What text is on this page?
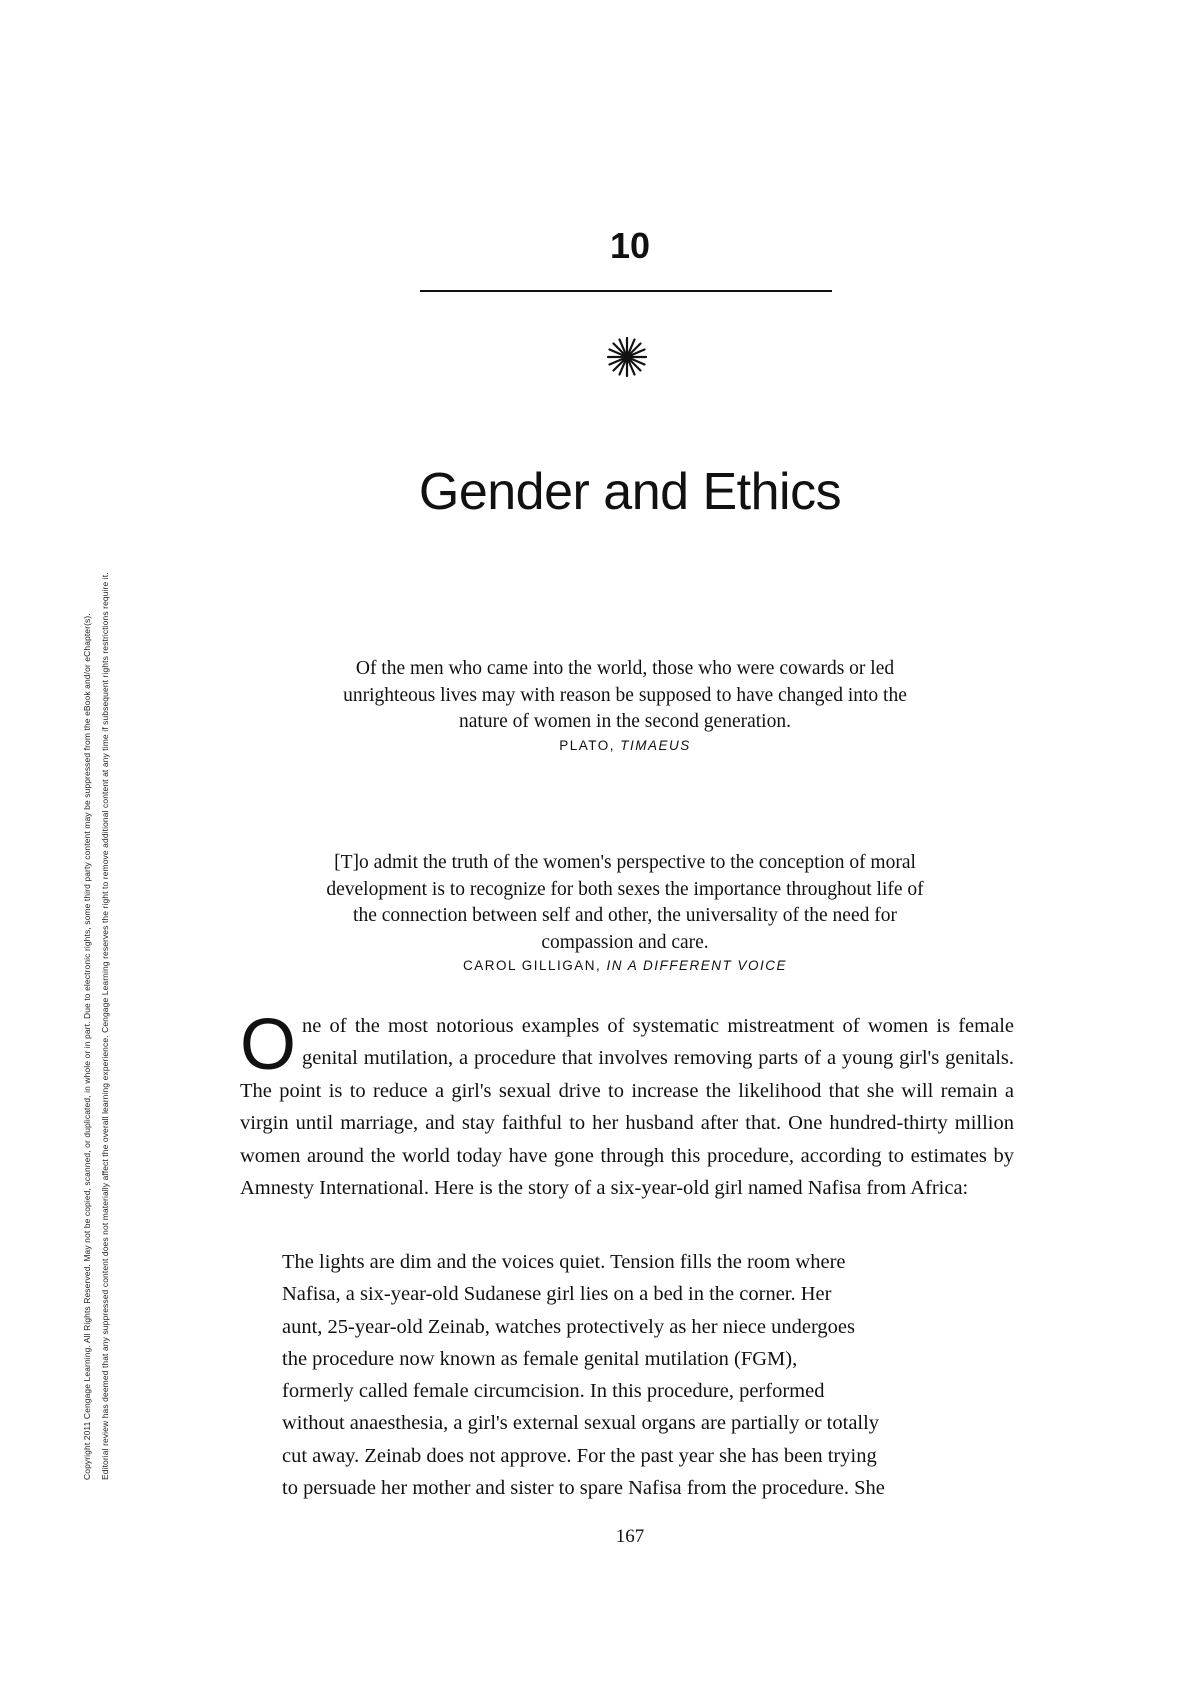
Copyright 2011 Cengage Learning. All Rights Reserved. May not be copied, scanned, or duplicated, in whole or in part. Due to electronic rights, some third party content may be suppressed from the eBook and/or eChapter(s). Editorial review has deemed that any suppressed content does not materially affect the overall learning experience. Cengage Learning reserves the right to remove additional content at any time if subsequent rights restrictions require it.
10
Gender and Ethics
Of the men who came into the world, those who were cowards or led unrighteous lives may with reason be supposed to have changed into the nature of women in the second generation.
PLATO, TIMAEUS
[T]o admit the truth of the women's perspective to the conception of moral development is to recognize for both sexes the importance throughout life of the connection between self and other, the universality of the need for compassion and care.
CAROL GILLIGAN, IN A DIFFERENT VOICE

One of the most notorious examples of systematic mistreatment of women is female genital mutilation, a procedure that involves removing parts of a young girl's genitals. The point is to reduce a girl's sexual drive to increase the likelihood that she will remain a virgin until marriage, and stay faithful to her husband after that. One hundred-thirty million women around the world today have gone through this procedure, according to estimates by Amnesty International. Here is the story of a six-year-old girl named Nafisa from Africa:

The lights are dim and the voices quiet. Tension fills the room where
Nafisa, a six-year-old Sudanese girl lies on a bed in the corner. Her
aunt, 25-year-old Zeinab, watches protectively as her niece undergoes
the procedure now known as female genital mutilation (FGM),
formerly called female circumcision. In this procedure, performed
without anaesthesia, a girl's external sexual organs are partially or totally
cut away. Zeinab does not approve. For the past year she has been trying
to persuade her mother and sister to spare Nafisa from the procedure. She
167
